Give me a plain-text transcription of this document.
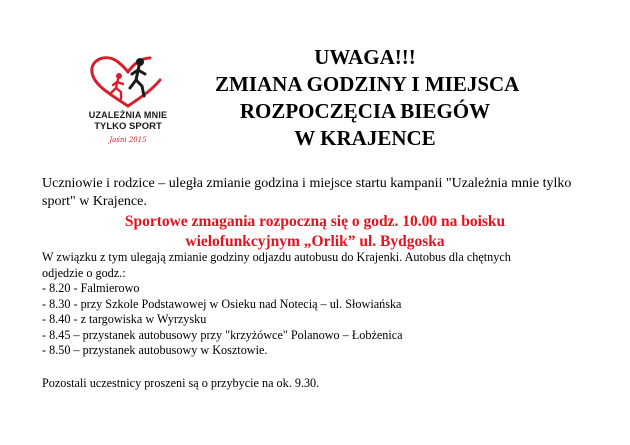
UZALEŻNIA MNIE
TYLKO SPORT
Jaśni 2015
UWAGA!!!
ZMIANA GODZINY I MIEJSCA
ROZPOCZĘCIA BIEGÓW
W KRAJENCE
Uczniowie i rodzice – uległa zmianie godzina i miejsce startu kampanii "Uzależnia mnie tylko sport" w Krajence.
Sportowe zmagania rozpoczną się o godz. 10.00 na boisku
wielofunkcyjnym „Orlik” ul. Bydgoska
W związku z tym ulegają zmianie godziny odjazdu autobusu do Krajenki. Autobus dla chętnych
odjedzie o godz.:
- 8.20 - Falmierowo
- 8.30 - przy Szkole Podstawowej w Osieku nad Notecią – ul. Słowiańska
- 8.40 - z targowiska w Wyrzysku
- 8.45 – przystanek autobusowy przy "krzyżówce" Polanowo – Łobżenica
- 8.50 – przystanek autobusowy w Kosztowie.
Pozostali uczestnicy proszeni są o przybycie na ok. 9.30.
